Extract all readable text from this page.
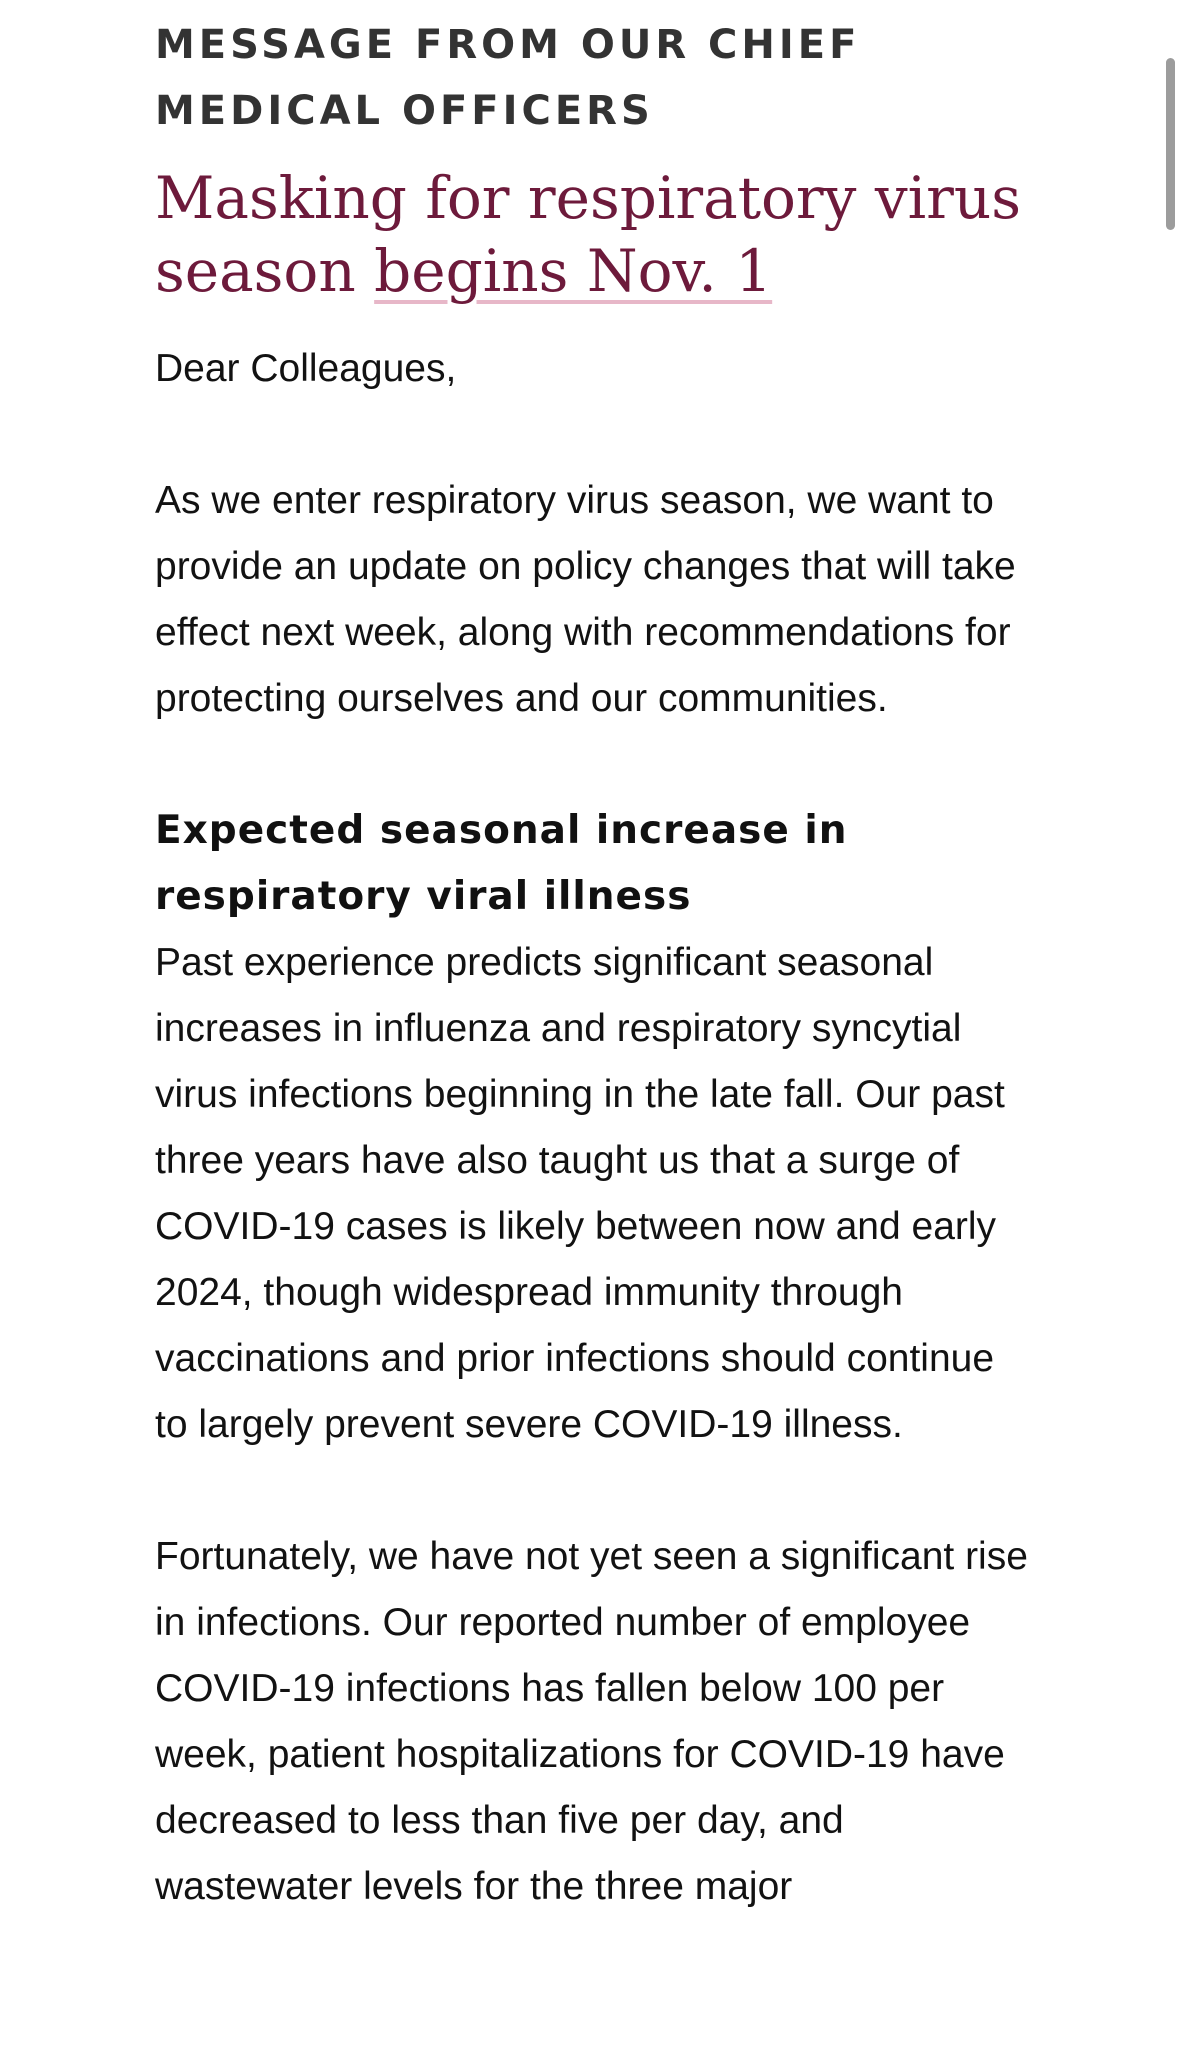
MESSAGE FROM OUR CHIEF MEDICAL OFFICERS
Masking for respiratory virus season begins Nov. 1

Dear Colleagues,

As we enter respiratory virus season, we want to provide an update on policy changes that will take effect next week, along with recommendations for protecting ourselves and our communities.

Expected seasonal increase in respiratory viral illness

Past experience predicts significant seasonal increases in influenza and respiratory syncytial virus infections beginning in the late fall. Our past three years have also taught us that a surge of COVID-19 cases is likely between now and early 2024, though widespread immunity through vaccinations and prior infections should continue to largely prevent severe COVID-19 illness.

Fortunately, we have not yet seen a significant rise in infections. Our reported number of employee COVID-19 infections has fallen below 100 per week, patient hospitalizations for COVID-19 have decreased to less than five per day, and wastewater levels for the three major
